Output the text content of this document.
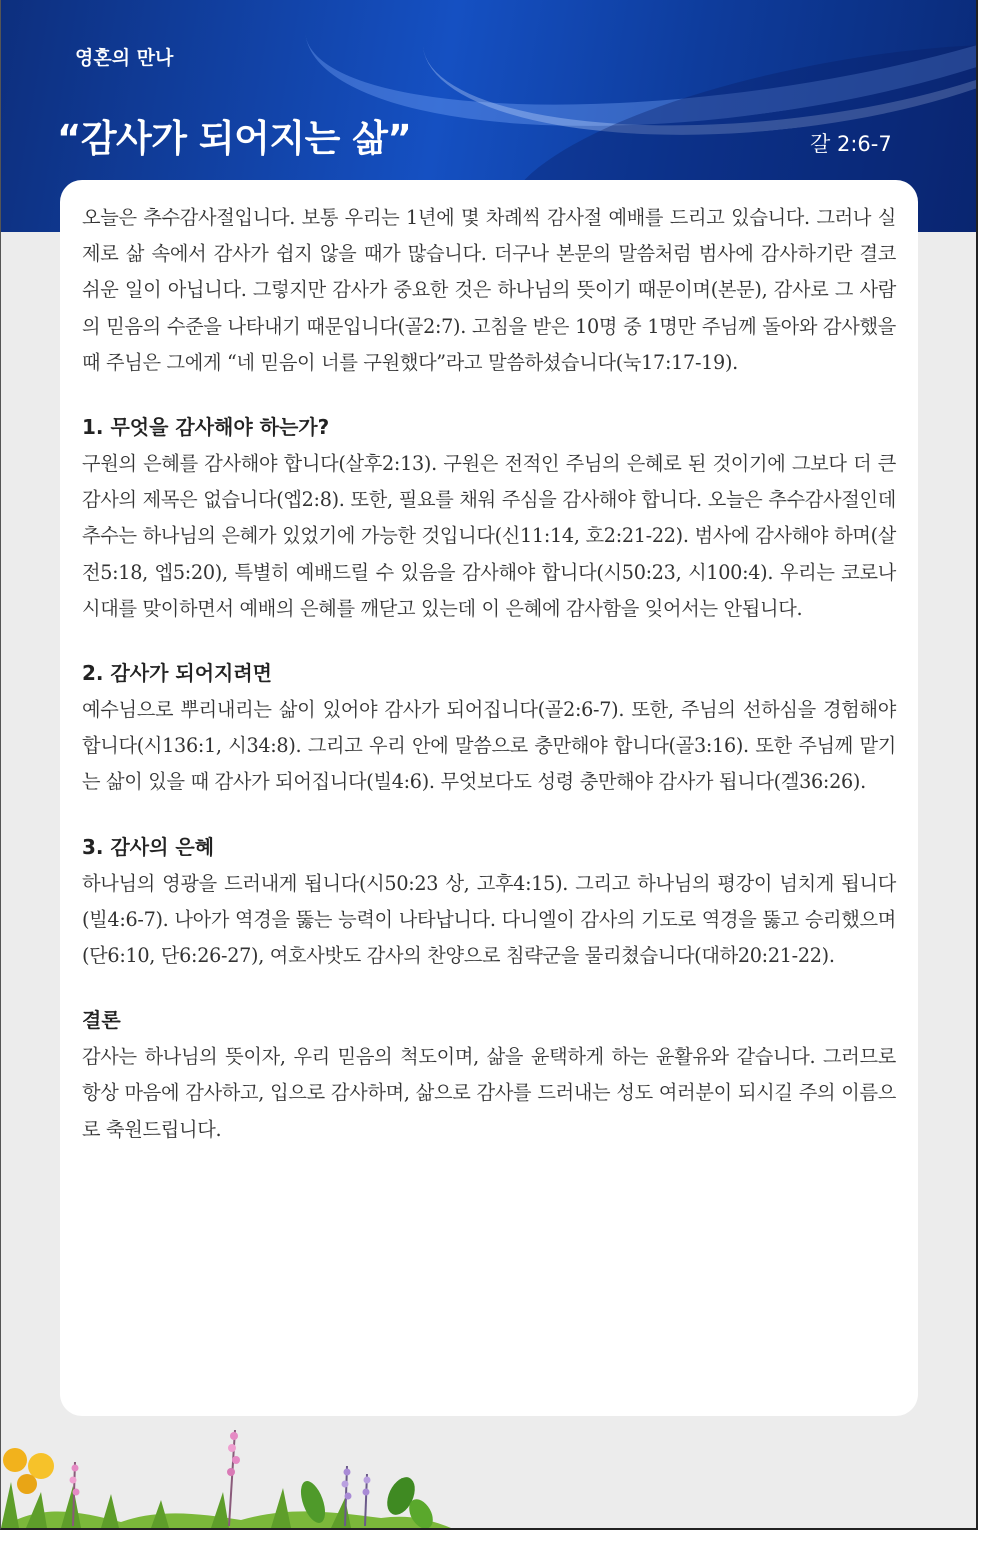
영혼의 만나
“감사가 되어지는 삶”	갈 2:6-7

오늘은 추수감사절입니다. 보통 우리는 1년에 몇 차례씩 감사절 예배를 드리고 있습니다. 그러나 실제로 삶 속에서 감사가 쉽지 않을 때가 많습니다. 더구나 본문의 말씀처럼 범사에 감사하기란 결코 쉬운 일이 아닙니다. 그렇지만 감사가 중요한 것은 하나님의 뜻이기 때문이며(본문), 감사로 그 사람의 믿음의 수준을 나타내기 때문입니다(골2:7). 고침을 받은 10명 중 1명만 주님께 돌아와 감사했을 때 주님은 그에게 “네 믿음이 너를 구원했다”라고 말씀하셨습니다(눅17:17-19).

1. 무엇을 감사해야 하는가?

구원의 은혜를 감사해야 합니다(살후2:13). 구원은 전적인 주님의 은혜로 된 것이기에 그보다 더 큰 감사의 제목은 없습니다(엡2:8). 또한, 필요를 채워 주심을 감사해야 합니다. 오늘은 추수감사절인데 추수는 하나님의 은혜가 있었기에 가능한 것입니다(신11:14, 호2:21-22). 범사에 감사해야 하며(살전5:18, 엡5:20), 특별히 예배드릴 수 있음을 감사해야 합니다(시50:23, 시100:4). 우리는 코로나 시대를 맞이하면서 예배의 은혜를 깨닫고 있는데 이 은혜에 감사함을 잊어서는 안됩니다.

2. 감사가 되어지려면

예수님으로 뿌리내리는 삶이 있어야 감사가 되어집니다(골2:6-7). 또한, 주님의 선하심을 경험해야 합니다(시136:1, 시34:8). 그리고 우리 안에 말씀으로 충만해야 합니다(골3:16). 또한 주님께 맡기는 삶이 있을 때 감사가 되어집니다(빌4:6). 무엇보다도 성령 충만해야 감사가 됩니다(겔36:26).

3. 감사의 은혜

하나님의 영광을 드러내게 됩니다(시50:23 상, 고후4:15). 그리고 하나님의 평강이 넘치게 됩니다(빌4:6-7). 나아가 역경을 뚫는 능력이 나타납니다. 다니엘이 감사의 기도로 역경을 뚫고 승리했으며(단6:10, 단6:26-27), 여호사밧도 감사의 찬양으로 침략군을 물리쳤습니다(대하20:21-22).

결론

감사는 하나님의 뜻이자, 우리 믿음의 척도이며, 삶을 윤택하게 하는 윤활유와 같습니다. 그러므로 항상 마음에 감사하고, 입으로 감사하며, 삶으로 감사를 드러내는 성도 여러분이 되시길 주의 이름으로 축원드립니다.
